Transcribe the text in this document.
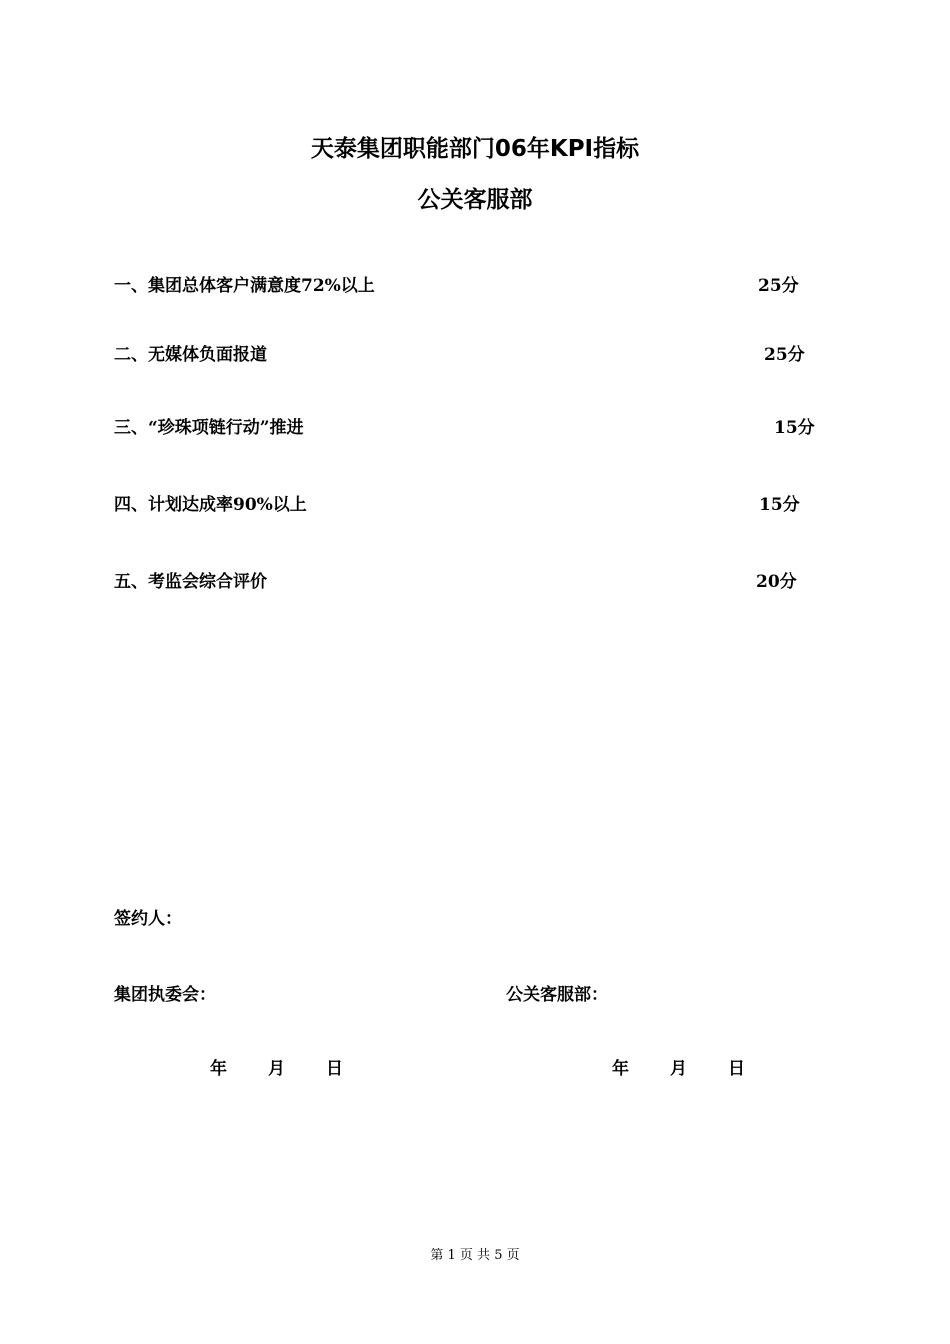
天泰集团职能部门06年KPI指标
公关客服部
一、集团总体客户满意度72%以上	25分
二、无媒体负面报道	25分
三、“珍珠项链行动”推进	15分
四、计划达成率90%以上	15分
五、考监会综合评价	20分
签约人：
集团执委会：	公关客服部：
年 月 日	年 月 日
第 1 页 共 5 页
